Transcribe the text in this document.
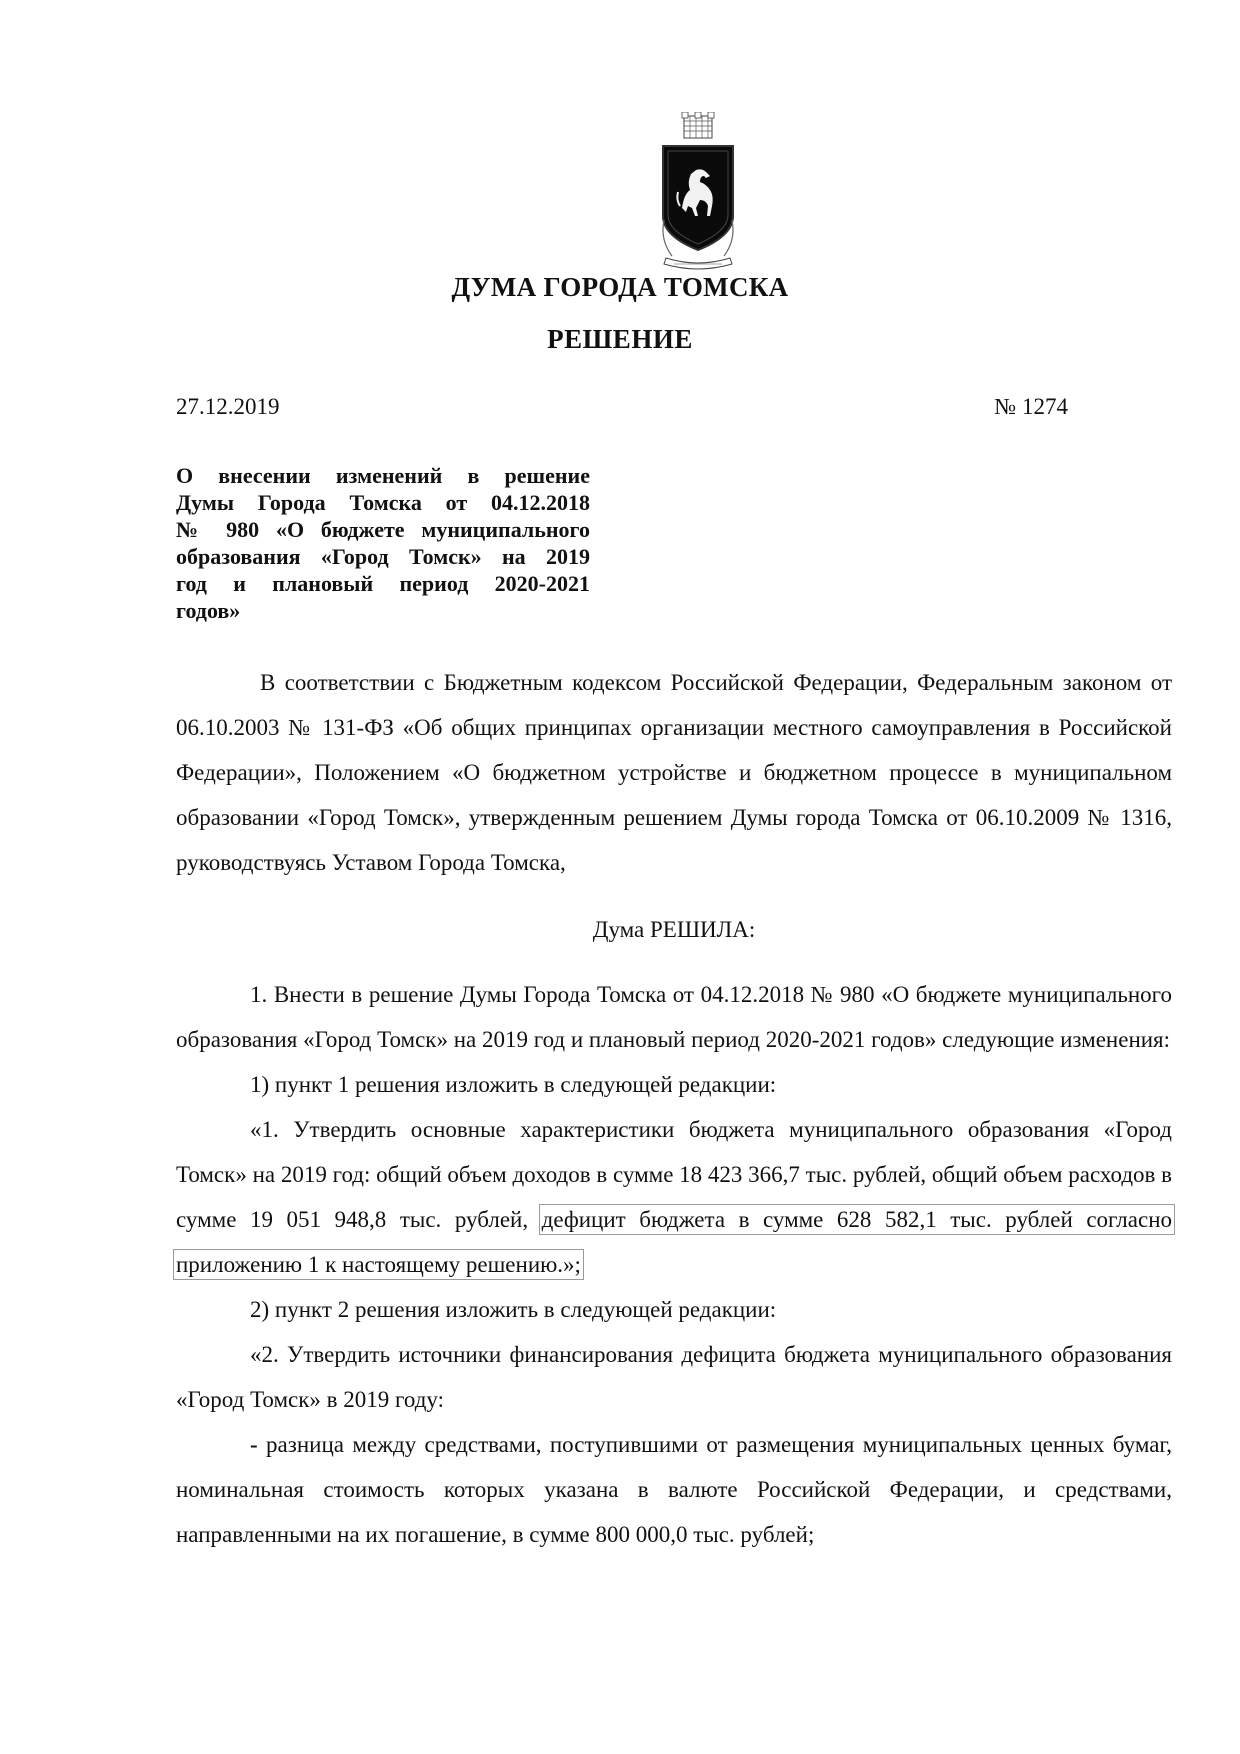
ДУМА ГОРОДА ТОМСКА
РЕШЕНИЕ
27.12.2019	№ 1274
О внесении изменений в решение
Думы Города Томска от 04.12.2018
№ 980 «О бюджете муниципального
образования «Город Томск» на 2019
год и плановый период 2020-2021
годов»

В соответствии с Бюджетным кодексом Российской Федерации, Федеральным законом от 06.10.2003 № 131-ФЗ «Об общих принципах организации местного самоуправления в Российской Федерации», Положением «О бюджетном устройстве и бюджетном процессе в муниципальном образовании «Город Томск», утвержденным решением Думы города Томска от 06.10.2009 № 1316, руководствуясь Уставом Города Томска,

Дума РЕШИЛА:

1. Внести в решение Думы Города Томска от 04.12.2018 № 980 «О бюджете муниципального образования «Город Томск» на 2019 год и плановый период 2020-2021 годов» следующие изменения:

1) пункт 1 решения изложить в следующей редакции:

«1. Утвердить основные характеристики бюджета муниципального образования «Город Томск» на 2019 год: общий объем доходов в сумме 18 423 366,7 тыс. рублей, общий объем расходов в сумме 19 051 948,8 тыс. рублей, дефицит бюджета в сумме 628 582,1 тыс. рублей согласно приложению 1 к настоящему решению.»;

2) пункт 2 решения изложить в следующей редакции:

«2. Утвердить источники финансирования дефицита бюджета муниципального образования «Город Томск» в 2019 году:

- разница между средствами, поступившими от размещения муниципальных ценных бумаг, номинальная стоимость которых указана в валюте Российской Федерации, и средствами, направленными на их погашение, в сумме 800 000,0 тыс. рублей;
